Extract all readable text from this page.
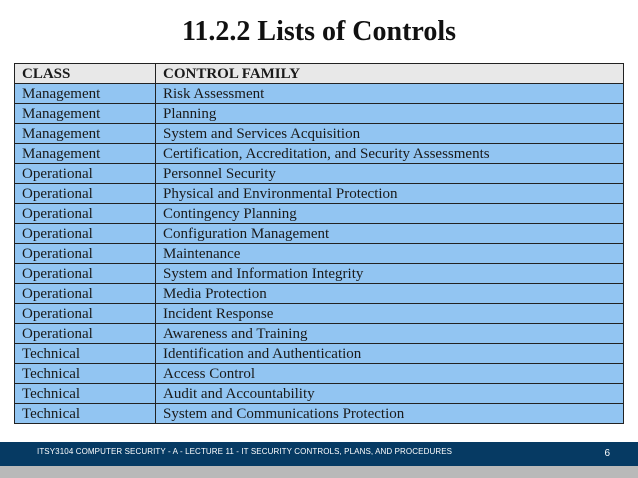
11.2.2 Lists of Controls
CLASS	CONTROL FAMILY
Management	Risk Assessment
Management	Planning
Management	System and Services Acquisition
Management	Certification, Accreditation, and Security Assessments
Operational	Personnel Security
Operational	Physical and Environmental Protection
Operational	Contingency Planning
Operational	Configuration Management
Operational	Maintenance
Operational	System and Information Integrity
Operational	Media Protection
Operational	Incident Response
Operational	Awareness and Training
Technical	Identification and Authentication
Technical	Access Control
Technical	Audit and Accountability
Technical	System and Communications Protection
ITSY3104 COMPUTER SECURITY - A - LECTURE 11 - IT SECURITY CONTROLS, PLANS, AND PROCEDURES	6
